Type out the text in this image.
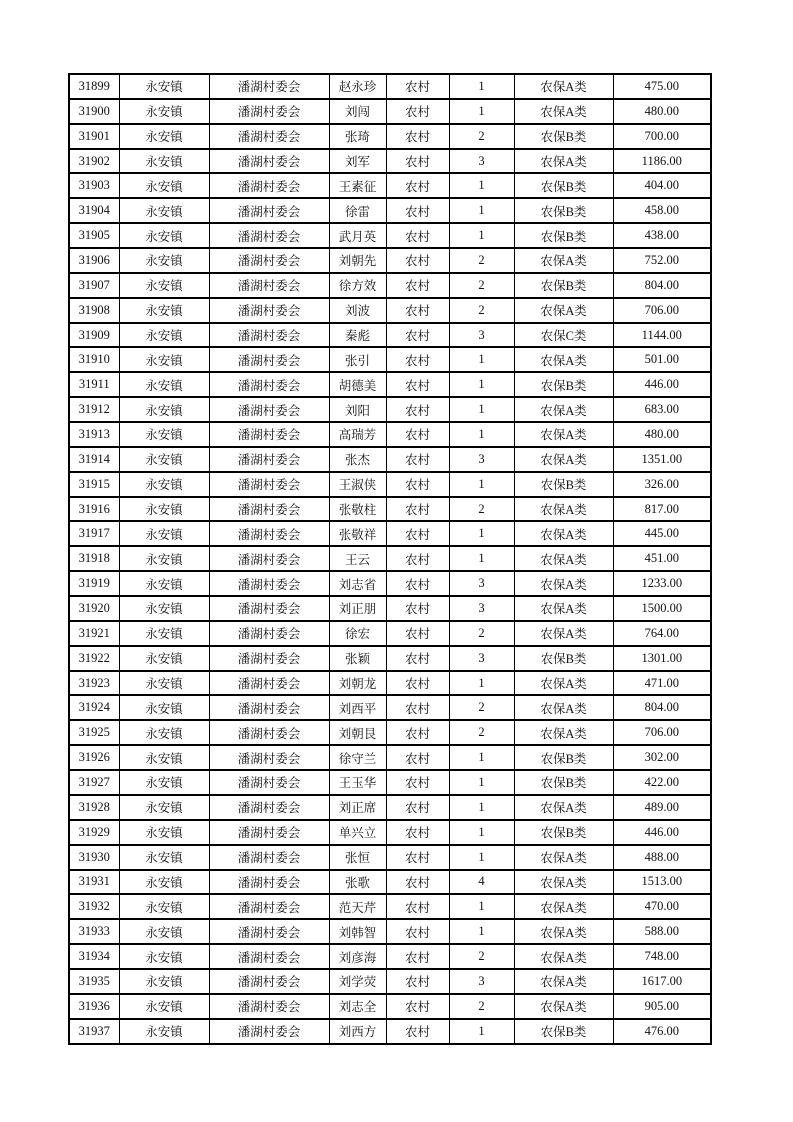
31899	永安镇	潘湖村委会	赵永珍	农村	1	农保A类	475.00
31900	永安镇	潘湖村委会	刘闯	农村	1	农保A类	480.00
31901	永安镇	潘湖村委会	张琦	农村	2	农保B类	700.00
31902	永安镇	潘湖村委会	刘军	农村	3	农保A类	1186.00
31903	永安镇	潘湖村委会	王素征	农村	1	农保B类	404.00
31904	永安镇	潘湖村委会	徐雷	农村	1	农保B类	458.00
31905	永安镇	潘湖村委会	武月英	农村	1	农保B类	438.00
31906	永安镇	潘湖村委会	刘朝先	农村	2	农保A类	752.00
31907	永安镇	潘湖村委会	徐方效	农村	2	农保B类	804.00
31908	永安镇	潘湖村委会	刘波	农村	2	农保A类	706.00
31909	永安镇	潘湖村委会	秦彪	农村	3	农保C类	1144.00
31910	永安镇	潘湖村委会	张引	农村	1	农保A类	501.00
31911	永安镇	潘湖村委会	胡德美	农村	1	农保B类	446.00
31912	永安镇	潘湖村委会	刘阳	农村	1	农保A类	683.00
31913	永安镇	潘湖村委会	高瑞芳	农村	1	农保A类	480.00
31914	永安镇	潘湖村委会	张杰	农村	3	农保A类	1351.00
31915	永安镇	潘湖村委会	王淑侠	农村	1	农保B类	326.00
31916	永安镇	潘湖村委会	张敬柱	农村	2	农保A类	817.00
31917	永安镇	潘湖村委会	张敬祥	农村	1	农保A类	445.00
31918	永安镇	潘湖村委会	王云	农村	1	农保A类	451.00
31919	永安镇	潘湖村委会	刘志省	农村	3	农保A类	1233.00
31920	永安镇	潘湖村委会	刘正朋	农村	3	农保A类	1500.00
31921	永安镇	潘湖村委会	徐宏	农村	2	农保A类	764.00
31922	永安镇	潘湖村委会	张颖	农村	3	农保B类	1301.00
31923	永安镇	潘湖村委会	刘朝龙	农村	1	农保A类	471.00
31924	永安镇	潘湖村委会	刘西平	农村	2	农保A类	804.00
31925	永安镇	潘湖村委会	刘朝艮	农村	2	农保A类	706.00
31926	永安镇	潘湖村委会	徐守兰	农村	1	农保B类	302.00
31927	永安镇	潘湖村委会	王玉华	农村	1	农保B类	422.00
31928	永安镇	潘湖村委会	刘正席	农村	1	农保A类	489.00
31929	永安镇	潘湖村委会	单兴立	农村	1	农保B类	446.00
31930	永安镇	潘湖村委会	张恒	农村	1	农保A类	488.00
31931	永安镇	潘湖村委会	张歌	农村	4	农保A类	1513.00
31932	永安镇	潘湖村委会	范天芹	农村	1	农保A类	470.00
31933	永安镇	潘湖村委会	刘韩智	农村	1	农保A类	588.00
31934	永安镇	潘湖村委会	刘彦海	农村	2	农保A类	748.00
31935	永安镇	潘湖村委会	刘学荧	农村	3	农保A类	1617.00
31936	永安镇	潘湖村委会	刘志全	农村	2	农保A类	905.00
31937	永安镇	潘湖村委会	刘西方	农村	1	农保B类	476.00
